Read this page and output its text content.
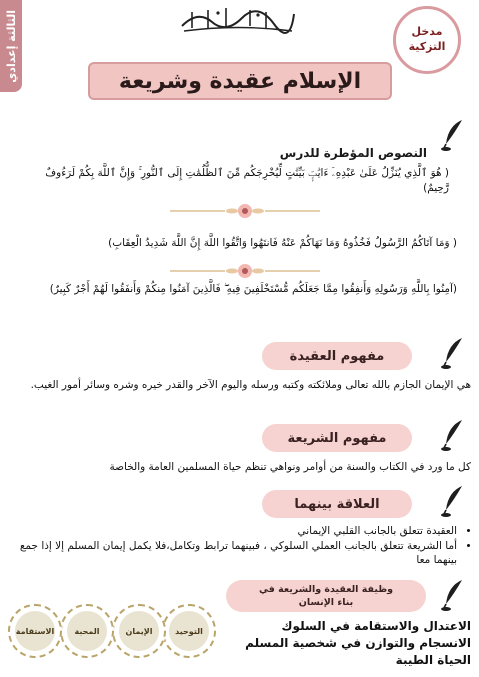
الثالثة إعدادي	مدخل
التزكية
الإسلام عقيدة وشريعة
النصوص المؤطرة للدرس
( هُوَ ٱلَّذِي يُنَزِّلُ عَلَىٰ عَبْدِهِۦٓ ءَايَٰتٍۭ بَيِّنَٰتٍ لِّيُخْرِجَكُم مِّنَ ٱلظُّلُمَٰتِ إِلَى ٱلنُّورِ ۚ وَإِنَّ ٱللَّهَ بِكُمْ لَرَءُوفٌ رَّحِيمٌ)
( وَمَا آتَاكُمُ الرَّسُولُ فَخُذُوهُ وَمَا نَهَاكُمْ عَنْهُ فَانتَهُوا وَاتَّقُوا اللَّهَ إِنَّ اللَّهَ شَدِيدُ الْعِقَابِ)
(آمِنُوا بِاللَّهِ وَرَسُولِهِ وَأَنفِقُوا مِمَّا جَعَلَكُم مُّسْتَخْلَفِينَ فِيهِ ۖ فَالَّذِينَ آمَنُوا مِنكُمْ وَأَنفَقُوا لَهُمْ أَجْرٌ كَبِيرٌ)
مفهوم العقيدة
هي الإيمان الجازم بالله تعالى وملائكته وكتبه ورسله واليوم الآخر والقدر خيره وشره وسائر أمور الغيب.
مفهوم الشريعة
كل ما ورد في الكتاب والسنة من أوامر ونواهي تنظم حياة المسلمين العامة والخاصة
العلاقة بينهما
• العقيدة تتعلق بالجانب القلبي الإيماني
• أما الشريعة تتعلق بالجانب العملي السلوكي ، فبينهما ترابط وتكامل،فلا يكمل إيمان المسلم إلا إذا جمع بينهما معا
وظيفة العقيدة والشريعة في
بناء الإنسان
الاعتدال والاستقامة في السلوك
الانسجام والتوازن في شخصية المسلم
الحياة الطيبة
التوحيد
الإيمان
المحبة
الاستقامة
